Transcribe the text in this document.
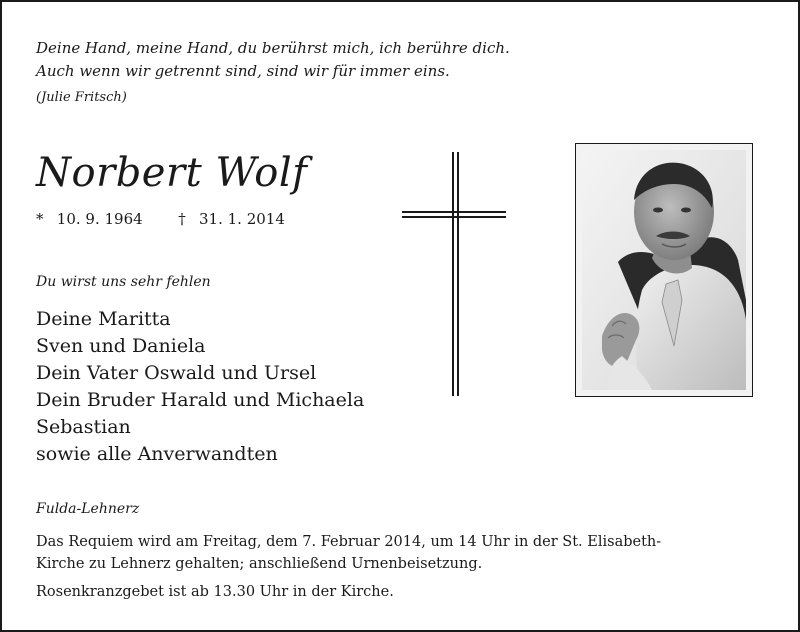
Deine Hand, meine Hand, du berührst mich, ich berühre dich.
Auch wenn wir getrennt sind, sind wir für immer eins.
(Julie Fritsch)
Norbert Wolf
* 10. 9. 1964 † 31. 1. 2014
Du wirst uns sehr fehlen
Deine Maritta
Sven und Daniela
Dein Vater Oswald und Ursel
Dein Bruder Harald und Michaela
Sebastian
sowie alle Anverwandten
Fulda-Lehnerz
Das Requiem wird am Freitag, dem 7. Februar 2014, um 14 Uhr in der St. Elisabeth-
Kirche zu Lehnerz gehalten; anschließend Urnenbeisetzung.
Rosenkranzgebet ist ab 13.30 Uhr in der Kirche.
